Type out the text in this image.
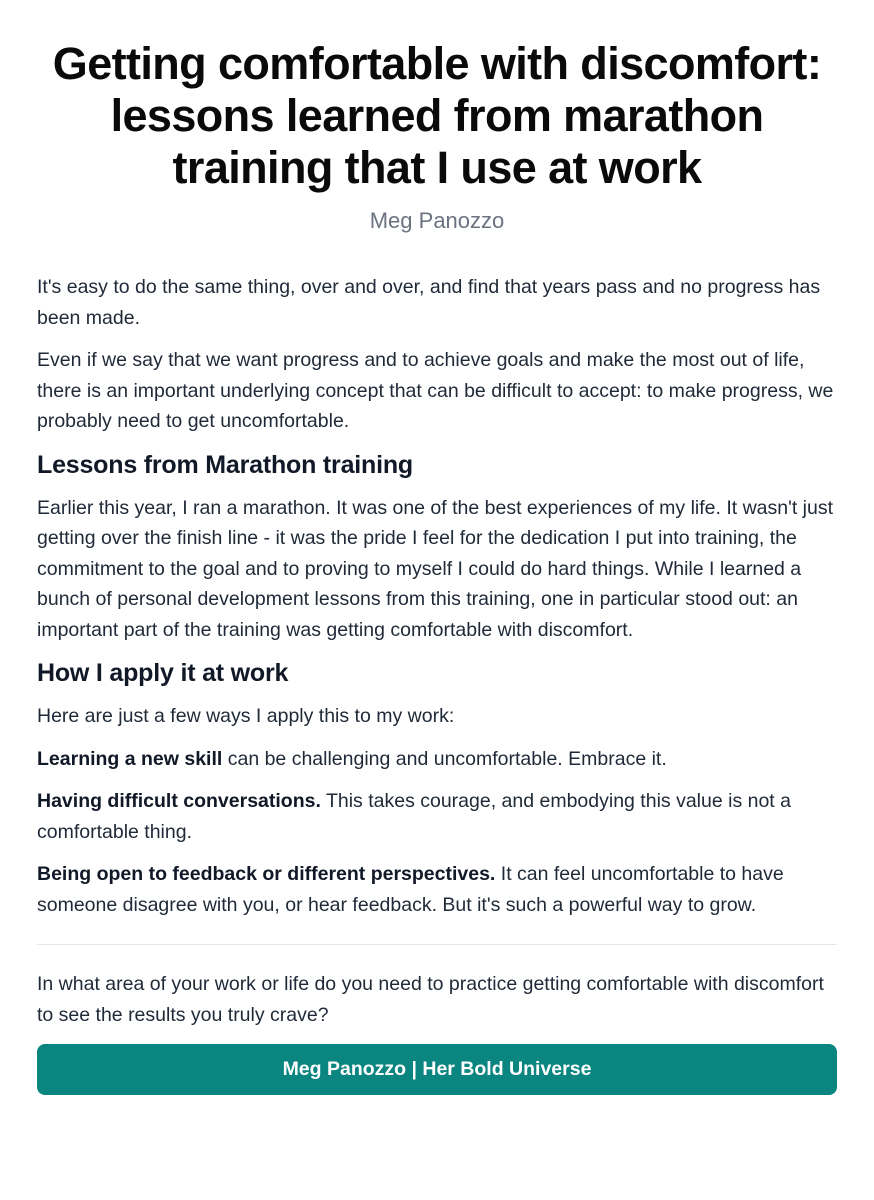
Getting comfortable with discomfort: lessons learned from marathon training that I use at work
Meg Panozzo

It's easy to do the same thing, over and over, and find that years pass and no progress has been made.

Even if we say that we want progress and to achieve goals and make the most out of life, there is an important underlying concept that can be difficult to accept: to make progress, we probably need to get uncomfortable.

Lessons from Marathon training

Earlier this year, I ran a marathon. It was one of the best experiences of my life. It wasn't just getting over the finish line - it was the pride I feel for the dedication I put into training, the commitment to the goal and to proving to myself I could do hard things. While I learned a bunch of personal development lessons from this training, one in particular stood out: an important part of the training was getting comfortable with discomfort.

How I apply it at work

Here are just a few ways I apply this to my work:

Learning a new skill can be challenging and uncomfortable. Embrace it.

Having difficult conversations. This takes courage, and embodying this value is not a comfortable thing.

Being open to feedback or different perspectives. It can feel uncomfortable to have someone disagree with you, or hear feedback. But it's such a powerful way to grow.

In what area of your work or life do you need to practice getting comfortable with discomfort to see the results you truly crave?

Meg Panozzo | Her Bold Universe
